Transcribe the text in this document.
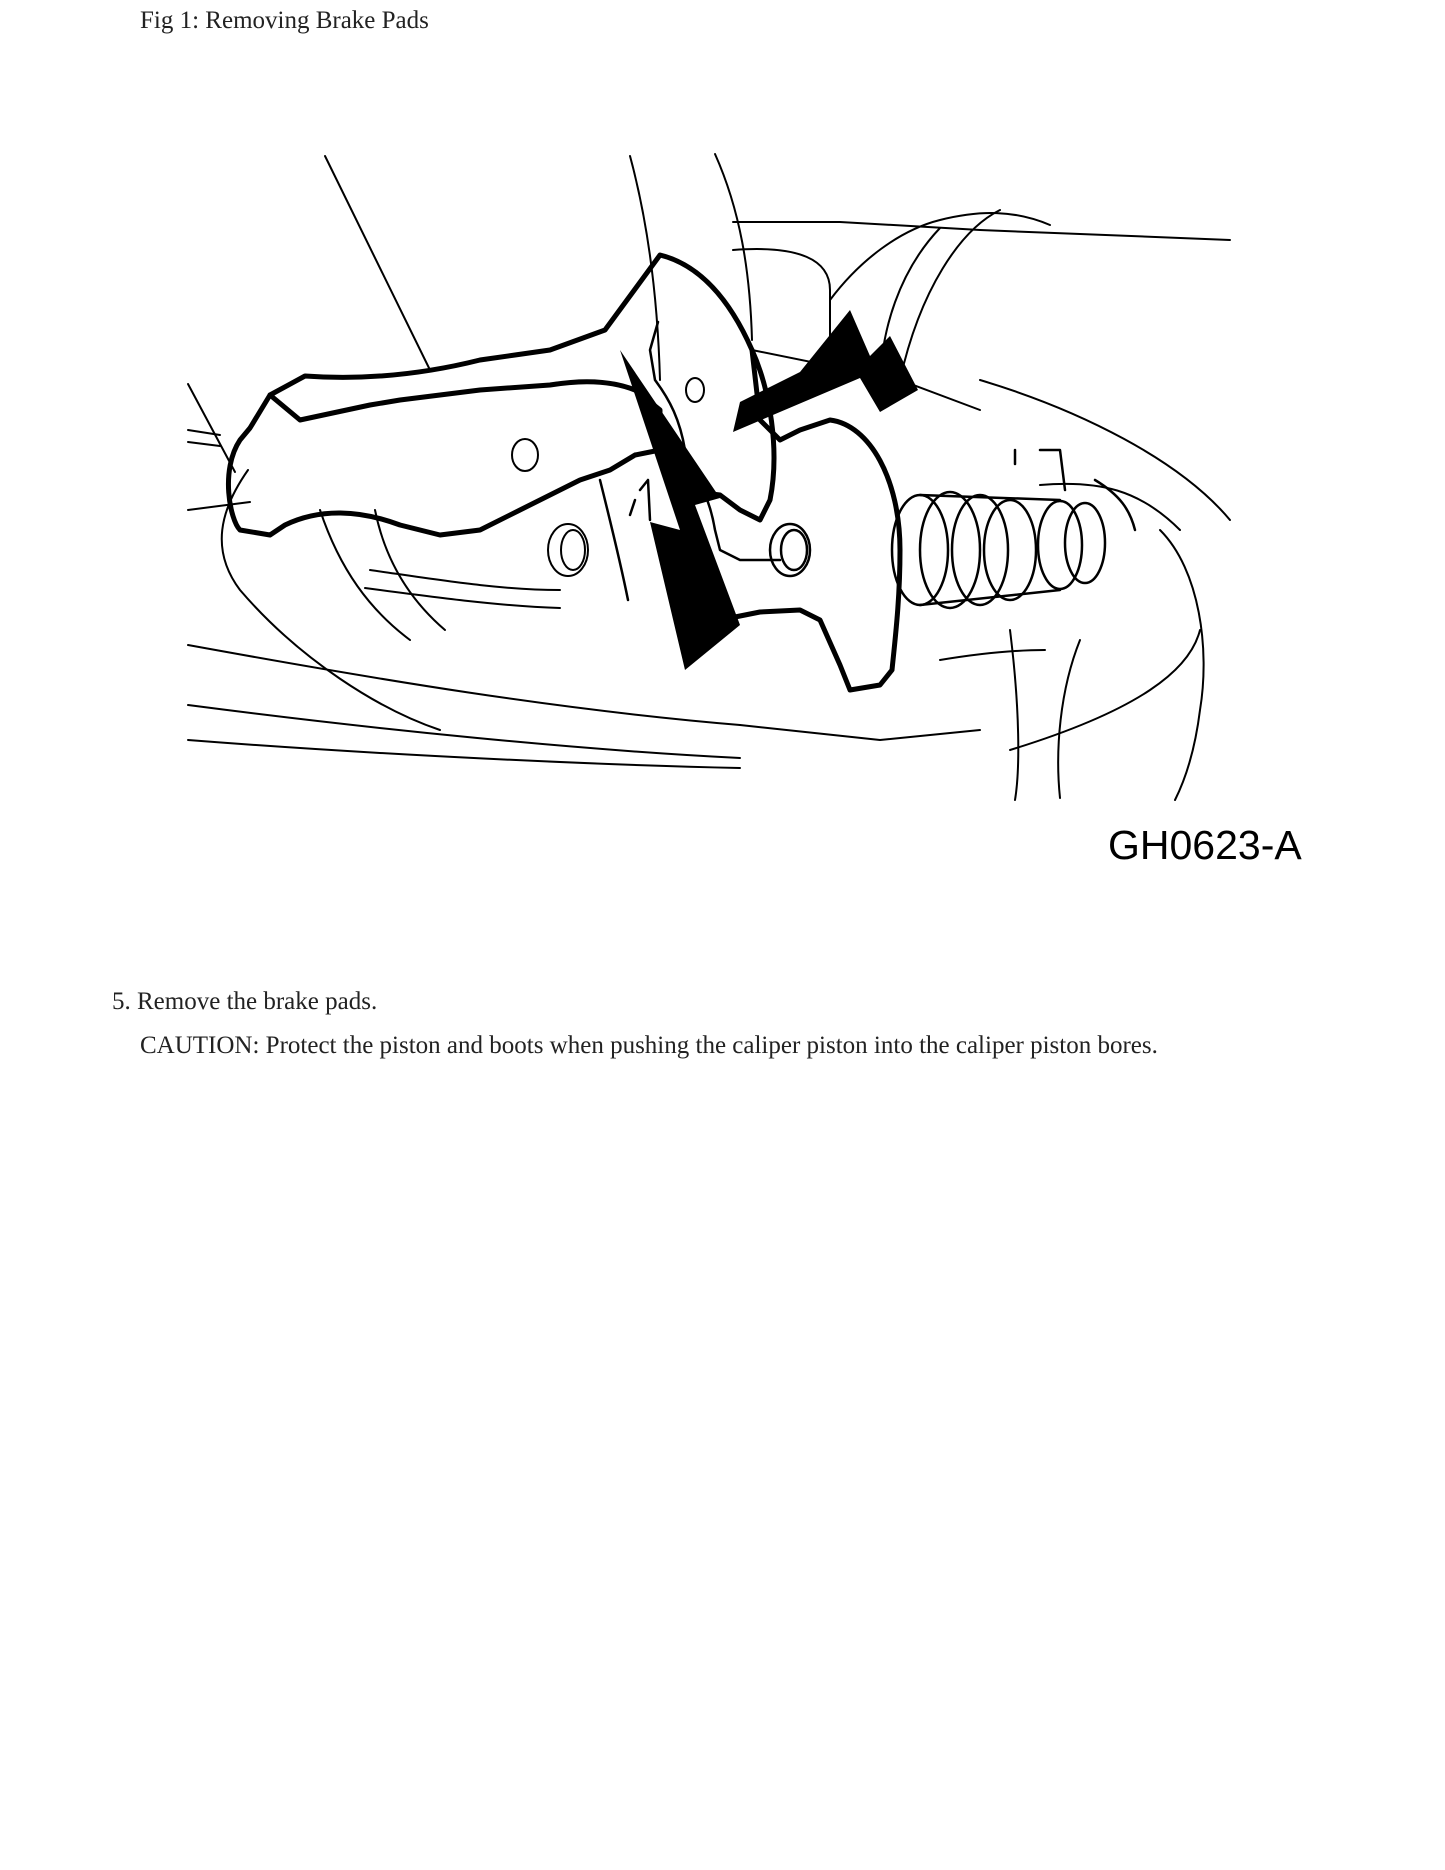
Fig 1: Removing Brake Pads
GH0623-A
5. Remove the brake pads.
CAUTION: Protect the piston and boots when pushing the caliper piston into the caliper piston bores.
